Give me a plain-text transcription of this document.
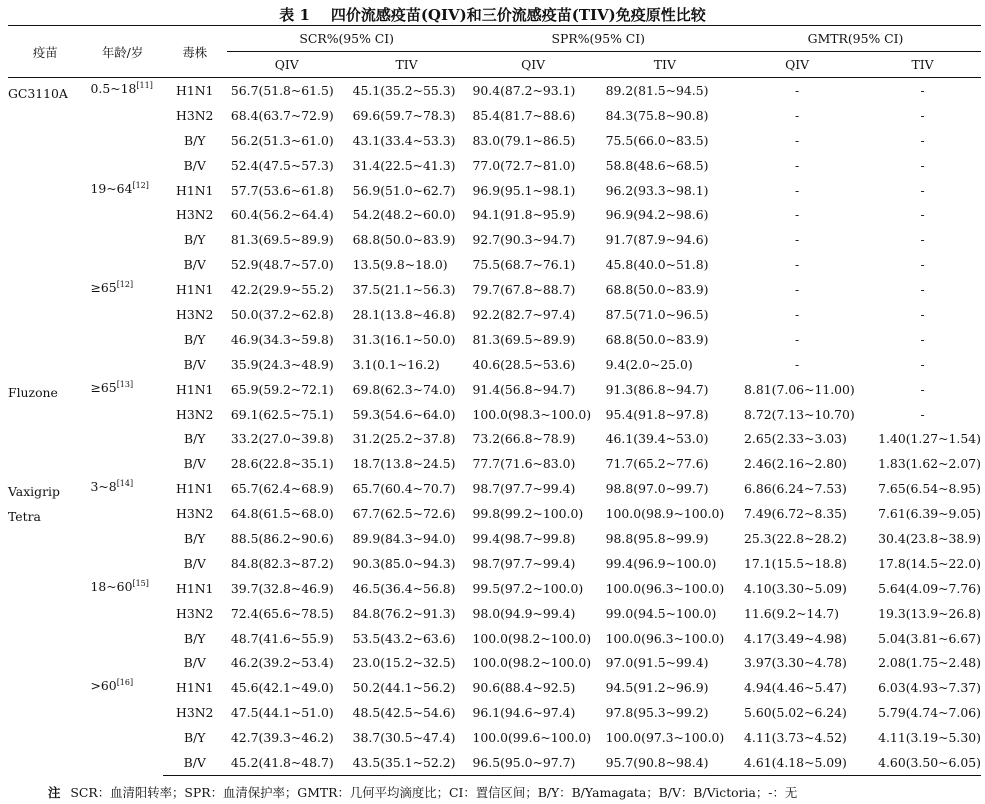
表 1 四价流感疫苗(QIV)和三价流感疫苗(TIV)免疫原性比较
疫苗	年龄/岁	毒株	SCR%(95% CI)		SPR%(95% CI)		GMTR(95% CI)	
			QIV	TIV	QIV	TIV	QIV	TIV

GC3110A	0.5~18[11]	H1N1	56.7(51.8~61.5)	45.1(35.2~55.3)	90.4(87.2~93.1)	89.2(81.5~94.5)	-	-
		H3N2	68.4(63.7~72.9)	69.6(59.7~78.3)	85.4(81.7~88.6)	84.3(75.8~90.8)	-	-
		B/Y	56.2(51.3~61.0)	43.1(33.4~53.3)	83.0(79.1~86.5)	75.5(66.0~83.5)	-	-
		B/V	52.4(47.5~57.3)	31.4(22.5~41.3)	77.0(72.7~81.0)	58.8(48.6~68.5)	-	-
	19~64[12]	H1N1	57.7(53.6~61.8)	56.9(51.0~62.7)	96.9(95.1~98.1)	96.2(93.3~98.1)	-	-
		H3N2	60.4(56.2~64.4)	54.2(48.2~60.0)	94.1(91.8~95.9)	96.9(94.2~98.6)	-	-
		B/Y	81.3(69.5~89.9)	68.8(50.0~83.9)	92.7(90.3~94.7)	91.7(87.9~94.6)	-	-
		B/V	52.9(48.7~57.0)	13.5(9.8~18.0)	75.5(68.7~76.1)	45.8(40.0~51.8)	-	-
	≥65[12]	H1N1	42.2(29.9~55.2)	37.5(21.1~56.3)	79.7(67.8~88.7)	68.8(50.0~83.9)	-	-
		H3N2	50.0(37.2~62.8)	28.1(13.8~46.8)	92.2(82.7~97.4)	87.5(71.0~96.5)	-	-
		B/Y	46.9(34.3~59.8)	31.3(16.1~50.0)	81.3(69.5~89.9)	68.8(50.0~83.9)	-	-
		B/V	35.9(24.3~48.9)	3.1(0.1~16.2)	40.6(28.5~53.6)	9.4(2.0~25.0)	-	-

Fluzone	≥65[13]	H1N1	65.9(59.2~72.1)	69.8(62.3~74.0)	91.4(56.8~94.7)	91.3(86.8~94.7)	8.81(7.06~11.00)	-
		H3N2	69.1(62.5~75.1)	59.3(54.6~64.0)	100.0(98.3~100.0)	95.4(91.8~97.8)	8.72(7.13~10.70)	-
		B/Y	33.2(27.0~39.8)	31.2(25.2~37.8)	73.2(66.8~78.9)	46.1(39.4~53.0)	2.65(2.33~3.03)	1.40(1.27~1.54)
		B/V	28.6(22.8~35.1)	18.7(13.8~24.5)	77.7(71.6~83.0)	71.7(65.2~77.6)	2.46(2.16~2.80)	1.83(1.62~2.07)

Vaxigrip
Tetra	3~8[14]	H1N1	65.7(62.4~68.9)	65.7(60.4~70.7)	98.7(97.7~99.4)	98.8(97.0~99.7)	6.86(6.24~7.53)	7.65(6.54~8.95)
		H3N2	64.8(61.5~68.0)	67.7(62.5~72.6)	99.8(99.2~100.0)	100.0(98.9~100.0)	7.49(6.72~8.35)	7.61(6.39~9.05)
		B/Y	88.5(86.2~90.6)	89.9(84.3~94.0)	99.4(98.7~99.8)	98.8(95.8~99.9)	25.3(22.8~28.2)	30.4(23.8~38.9)
		B/V	84.8(82.3~87.2)	90.3(85.0~94.3)	98.7(97.7~99.4)	99.4(96.9~100.0)	17.1(15.5~18.8)	17.8(14.5~22.0)
	18~60[15]	H1N1	39.7(32.8~46.9)	46.5(36.4~56.8)	99.5(97.2~100.0)	100.0(96.3~100.0)	4.10(3.30~5.09)	5.64(4.09~7.76)
		H3N2	72.4(65.6~78.5)	84.8(76.2~91.3)	98.0(94.9~99.4)	99.0(94.5~100.0)	11.6(9.2~14.7)	19.3(13.9~26.8)
		B/Y	48.7(41.6~55.9)	53.5(43.2~63.6)	100.0(98.2~100.0)	100.0(96.3~100.0)	4.17(3.49~4.98)	5.04(3.81~6.67)
		B/V	46.2(39.2~53.4)	23.0(15.2~32.5)	100.0(98.2~100.0)	97.0(91.5~99.4)	3.97(3.30~4.78)	2.08(1.75~2.48)
	>60[16]	H1N1	45.6(42.1~49.0)	50.2(44.1~56.2)	90.6(88.4~92.5)	94.5(91.2~96.9)	4.94(4.46~5.47)	6.03(4.93~7.37)
		H3N2	47.5(44.1~51.0)	48.5(42.5~54.6)	96.1(94.6~97.4)	97.8(95.3~99.2)	5.60(5.02~6.24)	5.79(4.74~7.06)
		B/Y	42.7(39.3~46.2)	38.7(30.5~47.4)	100.0(99.6~100.0)	100.0(97.3~100.0)	4.11(3.73~4.52)	4.11(3.19~5.30)
		B/V	45.2(41.8~48.7)	43.5(35.1~52.2)	96.5(95.0~97.7)	95.7(90.8~98.4)	4.61(4.18~5.09)	4.60(3.50~6.05)
注 SCR：血清阳转率；SPR：血清保护率；GMTR：几何平均滴度比；CI：置信区间；B/Y：B/Yamagata；B/V：B/Victoria；-：无
